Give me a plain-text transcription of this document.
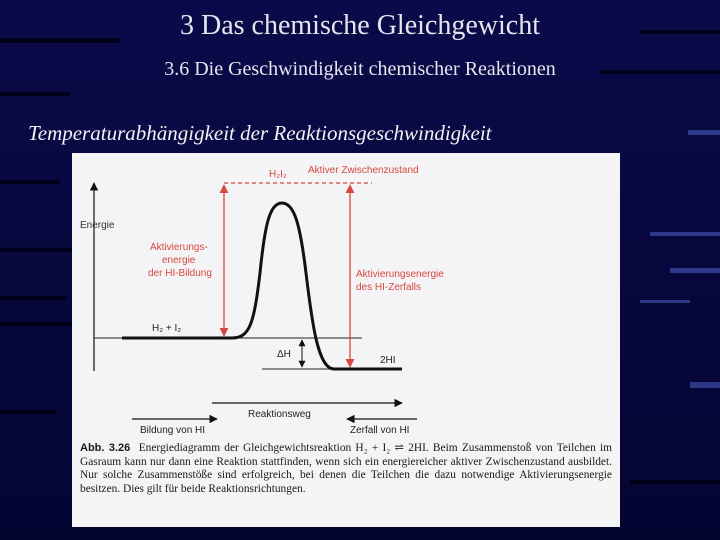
3 Das chemische Gleichgewicht
3.6 Die Geschwindigkeit chemischer Reaktionen
Temperaturabhängigkeit der Reaktionsgeschwindigkeit
Energie
H₂I₂ Aktiver Zwischenzustand
Aktivierungs-
energie
der HI-Bildung	Aktivierungsenergie
des HI-Zerfalls
H₂ + I₂
ΔH
2HI
Reaktionsweg
Bildung von HI	Zerfall von HI
Abb. 3.26 Energiediagramm der Gleichgewichtsreaktion H₂ + I₂ ⇌ 2HI. Beim Zusammenstoß von Teilchen im Gasraum kann nur dann eine Reaktion stattfinden, wenn sich ein energiereicher aktiver Zwischenzustand ausbildet. Nur solche Zusammenstöße sind erfolgreich, bei denen die Teilchen die dazu notwendige Aktivierungsenergie besitzen. Dies gilt für beide Reaktionsrichtungen.
